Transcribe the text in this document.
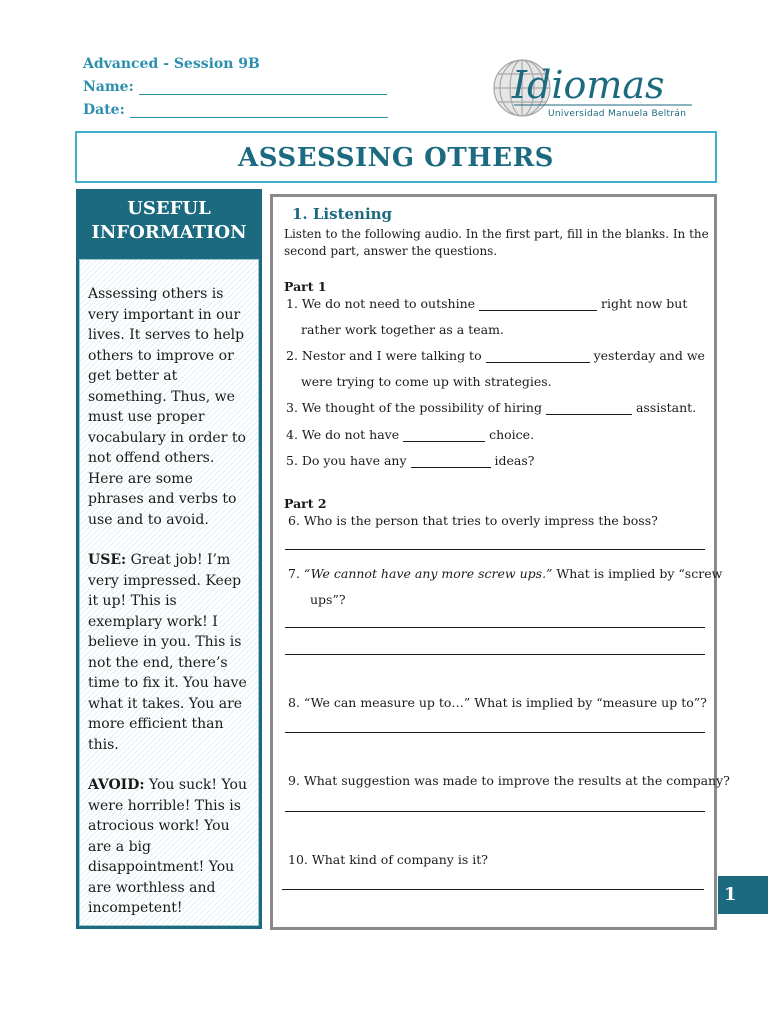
Advanced - Session 9B
Name:
Date:
Idiomas
Universidad Manuela Beltrán
ASSESSING OTHERS
USEFUL
INFORMATION

Assessing others is very important in our lives. It serves to help others to improve or get better at something. Thus, we must use proper vocabulary in order to not offend others. Here are some phrases and verbs to use and to avoid.

USE: Great job! I’m very impressed. Keep it up! This is exemplary work! I believe in you. This is not the end, there’s time to fix it. You have what it takes. You are more efficient than this.

AVOID: You suck! You were horrible! This is atrocious work! You are a big disappointment! You are worthless and incompetent!

1. Listening
Listen to the following audio. In the first part, fill in the blanks. In the
second part, answer the questions.
Part 1
1. We do not need to outshine	right now but
rather work together as a team.
2. Nestor and I were talking to	yesterday and we
were trying to come up with strategies.
3. We thought of the possibility of hiring	assistant.
4. We do not have	choice.
5. Do you have any	ideas?
Part 2
6. Who is the person that tries to overly impress the boss?
7. “We cannot have any more screw ups.” What is implied by “screw
ups”?
8. “We can measure up to…” What is implied by “measure up to”?
9. What suggestion was made to improve the results at the company?
10. What kind of company is it?
1
